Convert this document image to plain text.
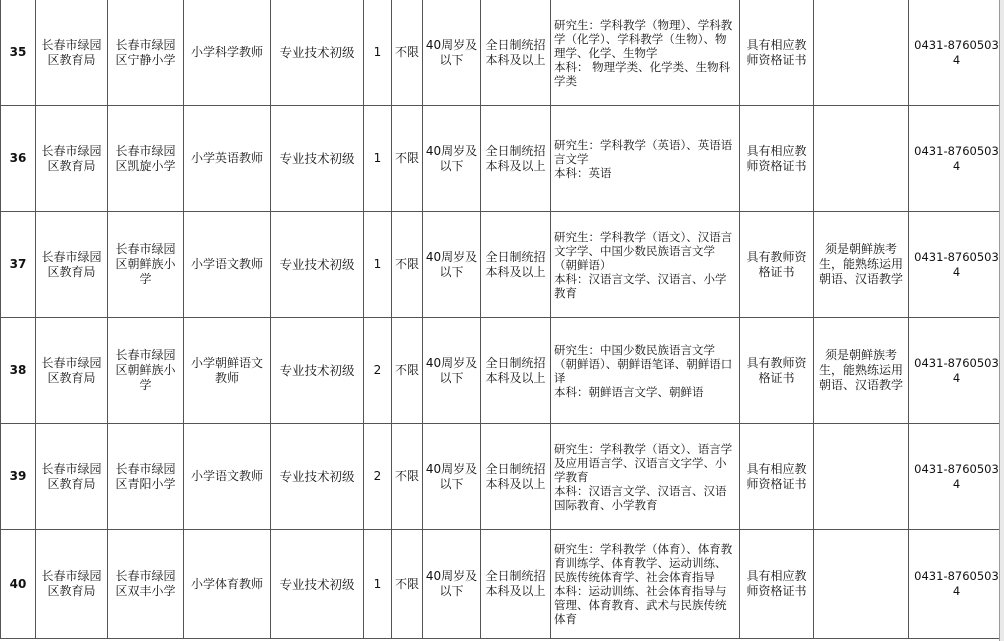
35	长春市绿园区教育局	长春市绿园区宁静小学	小学科学教师	专业技术初级	1	不限	40周岁及以下	全日制统招本科及以上	研究生：学科教学（物理）、学科教学（化学）、学科教学（生物）、物理学、化学、生物学
本科： 物理学类、化学类、生物科学类	具有相应教师资格证书		0431-87605034
36	长春市绿园区教育局	长春市绿园区凯旋小学	小学英语教师	专业技术初级	1	不限	40周岁及以下	全日制统招本科及以上	研究生：学科教学（英语）、英语语言文学
本科：英语	具有相应教师资格证书		0431-87605034
37	长春市绿园区教育局	长春市绿园区朝鲜族小学	小学语文教师	专业技术初级	1	不限	40周岁及以下	全日制统招本科及以上	研究生：学科教学（语文）、汉语言文字学、中国少数民族语言文学（朝鲜语）
本科：汉语言文学、汉语言、小学教育	具有教师资格证书	须是朝鲜族考生，能熟练运用朝语、汉语教学	0431-87605034
38	长春市绿园区教育局	长春市绿园区朝鲜族小学	小学朝鲜语文教师	专业技术初级	2	不限	40周岁及以下	全日制统招本科及以上	研究生：中国少数民族语言文学（朝鲜语）、朝鲜语笔译、朝鲜语口译
本科：朝鲜语言文学、朝鲜语	具有教师资格证书	须是朝鲜族考生，能熟练运用朝语、汉语教学	0431-87605034
39	长春市绿园区教育局	长春市绿园区青阳小学	小学语文教师	专业技术初级	2	不限	40周岁及以下	全日制统招本科及以上	研究生：学科教学（语文）、语言学及应用语言学、汉语言文字学、小学教育
本科：汉语言文学、汉语言、汉语国际教育、小学教育	具有相应教师资格证书		0431-87605034
40	长春市绿园区教育局	长春市绿园区双丰小学	小学体育教师	专业技术初级	1	不限	40周岁及以下	全日制统招本科及以上	研究生：学科教学（体育）、体育教育训练学、体育教学、运动训练、民族传统体育学、社会体育指导
本科：运动训练、社会体育指导与管理、体育教育、武术与民族传统体育	具有相应教师资格证书		0431-87605034
